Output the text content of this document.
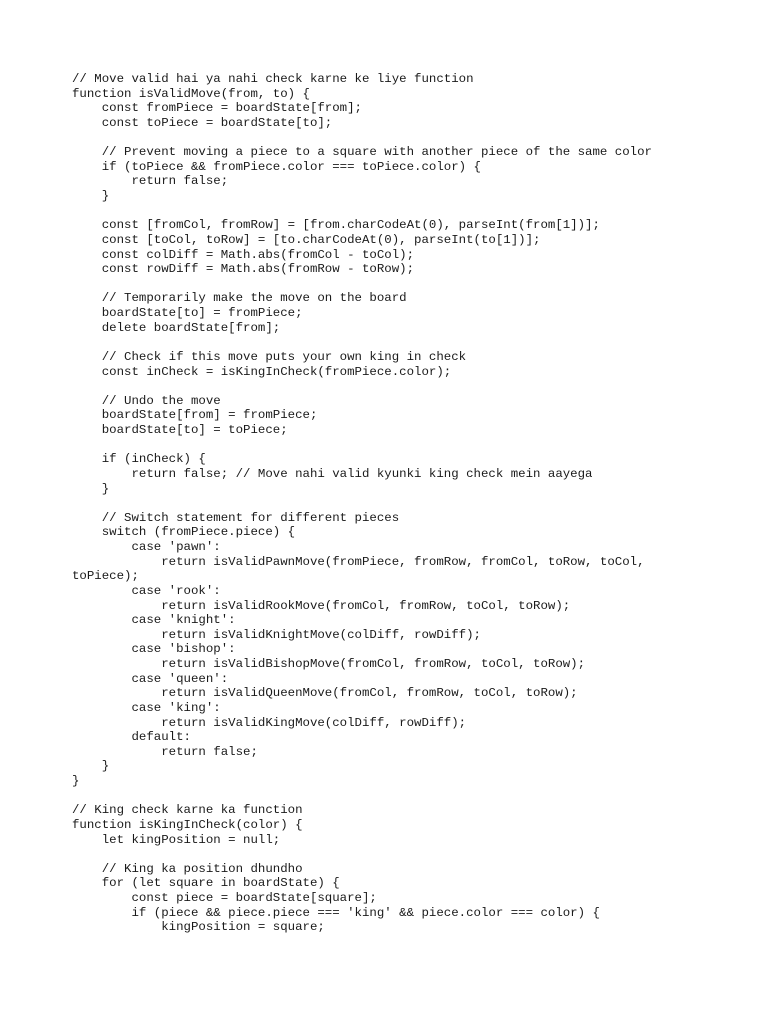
// Move valid hai ya nahi check karne ke liye function
function isValidMove(from, to) {
const fromPiece = boardState[from];
const toPiece = boardState[to];
// Prevent moving a piece to a square with another piece of the same color
if (toPiece && fromPiece.color === toPiece.color) {
return false;
}
const [fromCol, fromRow] = [from.charCodeAt(0), parseInt(from[1])];
const [toCol, toRow] = [to.charCodeAt(0), parseInt(to[1])];
const colDiff = Math.abs(fromCol - toCol);
const rowDiff = Math.abs(fromRow - toRow);
// Temporarily make the move on the board
boardState[to] = fromPiece;
delete boardState[from];
// Check if this move puts your own king in check
const inCheck = isKingInCheck(fromPiece.color);
// Undo the move
boardState[from] = fromPiece;
boardState[to] = toPiece;
if (inCheck) {
return false; // Move nahi valid kyunki king check mein aayega
}
// Switch statement for different pieces
switch (fromPiece.piece) {
case 'pawn':
return isValidPawnMove(fromPiece, fromRow, fromCol, toRow, toCol,
toPiece);
case 'rook':
return isValidRookMove(fromCol, fromRow, toCol, toRow);
case 'knight':
return isValidKnightMove(colDiff, rowDiff);
case 'bishop':
return isValidBishopMove(fromCol, fromRow, toCol, toRow);
case 'queen':
return isValidQueenMove(fromCol, fromRow, toCol, toRow);
case 'king':
return isValidKingMove(colDiff, rowDiff);
default:
return false;
}
}
// King check karne ka function
function isKingInCheck(color) {
let kingPosition = null;
// King ka position dhundho
for (let square in boardState) {
const piece = boardState[square];
if (piece && piece.piece === 'king' && piece.color === color) {
kingPosition = square;
